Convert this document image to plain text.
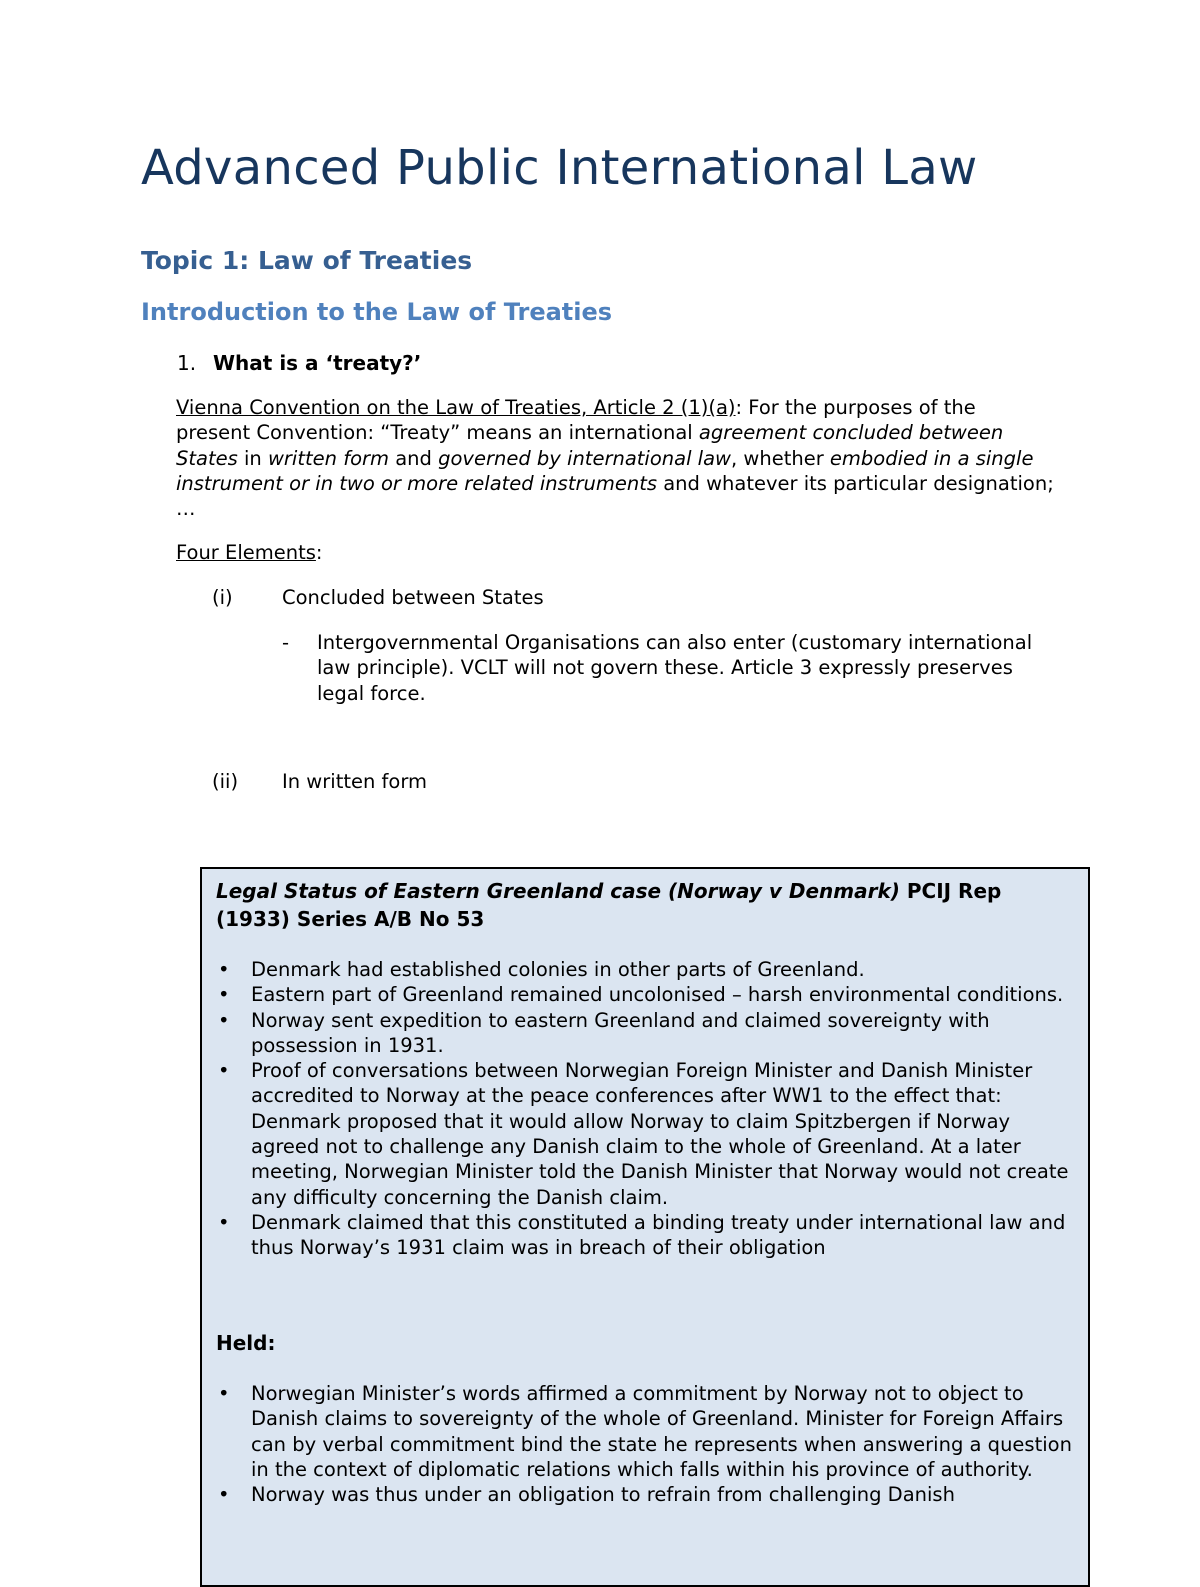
Advanced Public International Law
Topic 1: Law of Treaties
Introduction to the Law of Treaties
1. What is a ‘treaty?’

Vienna Convention on the Law of Treaties, Article 2 (1)(a): For the purposes of the present Convention: “Treaty” means an international agreement concluded between States in written form and governed by international law, whether embodied in a single instrument or in two or more related instruments and whatever its particular designation; …

Four Elements:

(i)	Concluded between States
- Intergovernmental Organisations can also enter (customary international law principle). VCLT will not govern these. Article 3 expressly preserves legal force.

(ii) In written form

Legal Status of Eastern Greenland case (Norway v Denmark) PCIJ Rep (1933) Series A/B No 53

• Denmark had established colonies in other parts of Greenland.
• Eastern part of Greenland remained uncolonised – harsh environmental conditions.
• Norway sent expedition to eastern Greenland and claimed sovereignty with possession in 1931.
• Proof of conversations between Norwegian Foreign Minister and Danish Minister accredited to Norway at the peace conferences after WW1 to the effect that: Denmark proposed that it would allow Norway to claim Spitzbergen if Norway agreed not to challenge any Danish claim to the whole of Greenland. At a later meeting, Norwegian Minister told the Danish Minister that Norway would not create any difficulty concerning the Danish claim.
• Denmark claimed that this constituted a binding treaty under international law and thus Norway’s 1931 claim was in breach of their obligation

Held:

• Norwegian Minister’s words affirmed a commitment by Norway not to object to Danish claims to sovereignty of the whole of Greenland. Minister for Foreign Affairs can by verbal commitment bind the state he represents when answering a question in the context of diplomatic relations which falls within his province of authority.
• Norway was thus under an obligation to refrain from challenging Danish
